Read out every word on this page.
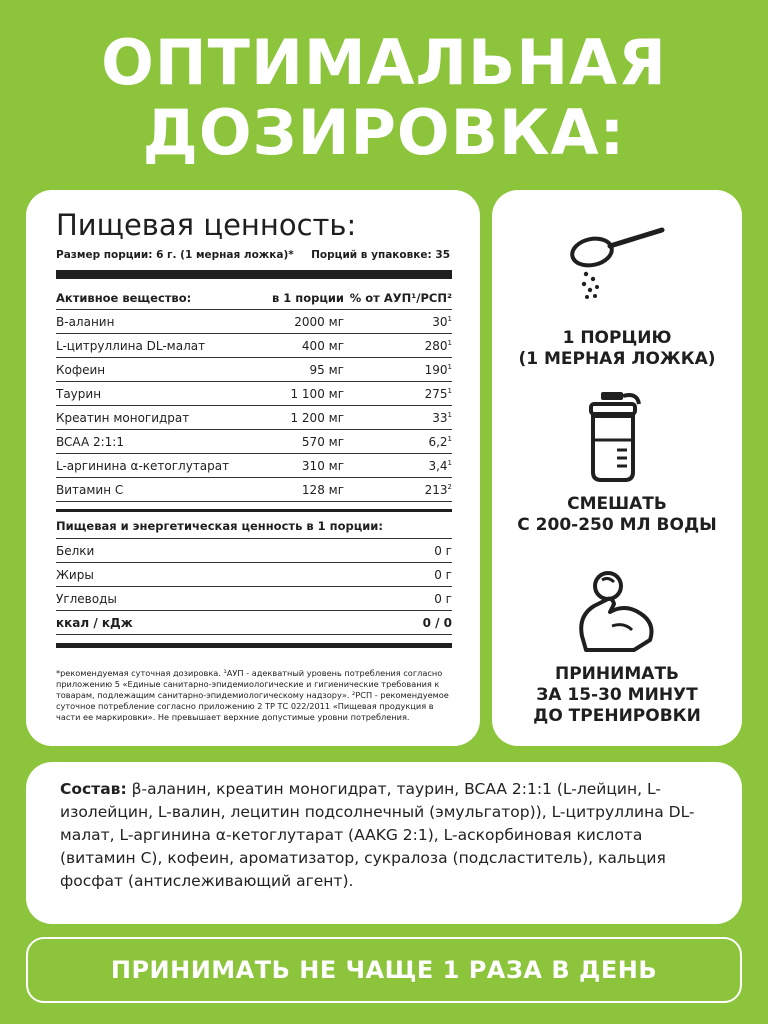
ОПТИМАЛЬНАЯ
ДОЗИРОВКА:
Пищевая ценность:
Размер порции: 6 г. (1 мерная ложка)* Порций в упаковке: 35
Активное вещество:	в 1 порции % от АУП¹/РСП²
В-аланин	2000 мг	$30^1$
L-цитруллина DL-малат	400 мг	$280^1$
Кофеин	95 мг	$190^1$
Таурин	1 100 мг	$275^1$
Креатин моногидрат	1 200 мг	$33^1$
BCAA 2:1:1	570 мг	$6,2^1$
L-аргинина α-кетоглутарат	310 мг	$3,4^1$
Витамин С	128 мг	$213^2$
Пищевая и энергетическая ценность в 1 порции:
Белки	0 г
Жиры	0 г
Углеводы	0 г
ккал / кДж	0 / 0
*рекомендуемая суточная дозировка. ¹АУП - адекватный уровень потребления согласно приложению 5 «Единые санитарно-эпидемиологические и гигиенические требования к товарам, подлежащим санитарно-эпидемиологическому надзору». ²РСП - рекомендуемое суточное потребление согласно приложению 2 ТР ТС 022/2011 «Пищевая продукция в части ее маркировки». Не превышает верхние допустимые уровни потребления.
1 ПОРЦИЮ
(1 МЕРНАЯ ЛОЖКА)
СМЕШАТЬ
С 200-250 МЛ ВОДЫ
ПРИНИМАТЬ
ЗА 15-30 МИНУТ
ДО ТРЕНИРОВКИ
Состав: β-аланин, креатин моногидрат, таурин, BCAA 2:1:1 (L-лейцин, L-изолейцин, L-валин, лецитин подсолнечный (эмульгатор)), L-цитруллина DL-малат, L-аргинина α-кетоглутарат (AAKG 2:1), L-аскорбиновая кислота (витамин С), кофеин, ароматизатор, сукралоза (подсластитель), кальция фосфат (антислеживающий агент).
ПРИНИМАТЬ НЕ ЧАЩЕ 1 РАЗА В ДЕНЬ
